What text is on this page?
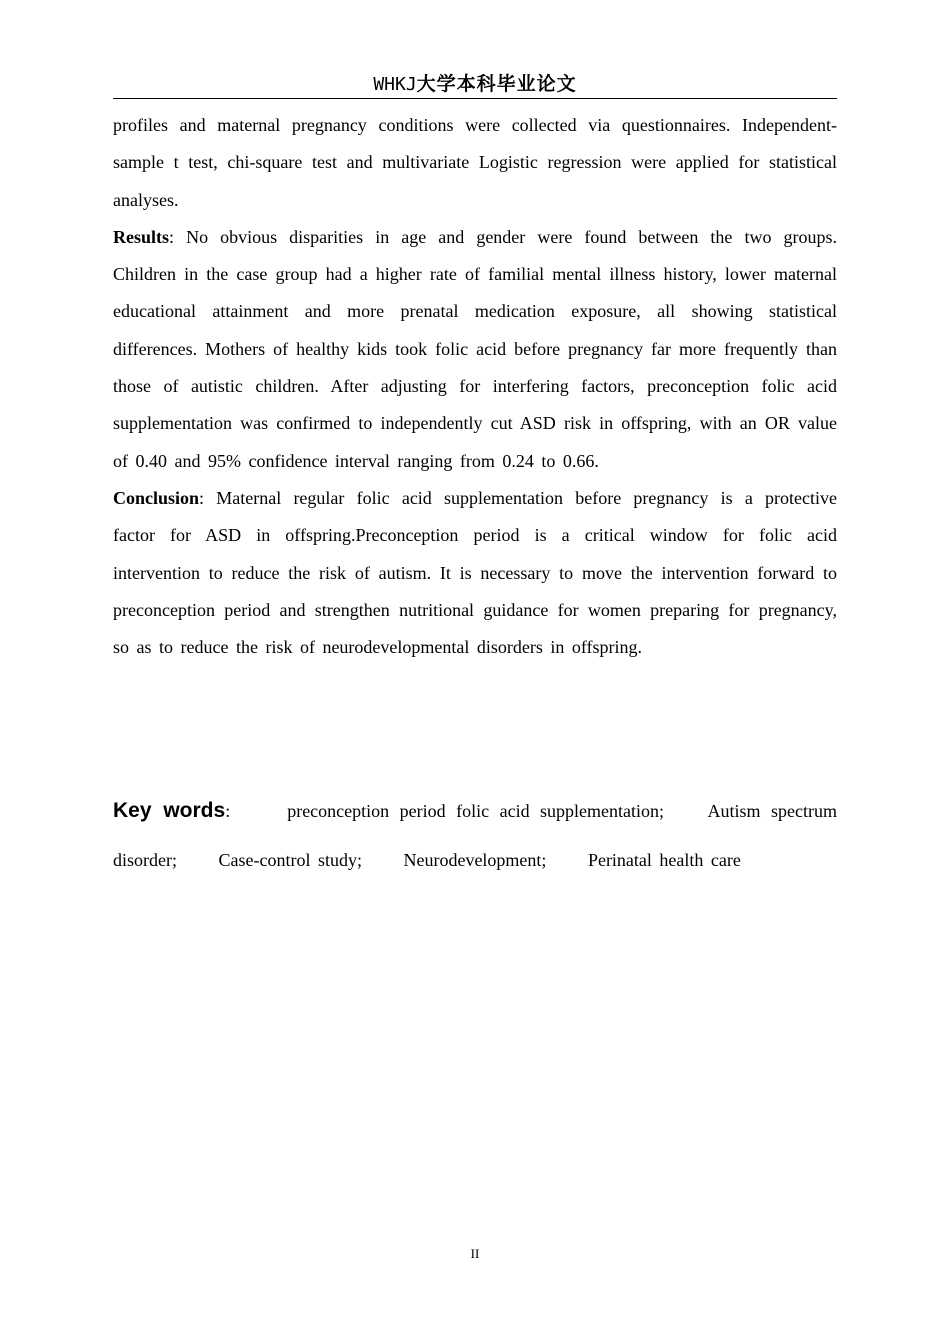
WHKJ大学本科毕业论文

profiles and maternal pregnancy conditions were collected via questionnaires. Independent-sample t test, chi-square test and multivariate Logistic regression were applied for statistical analyses.

Results: No obvious disparities in age and gender were found between the two groups. Children in the case group had a higher rate of familial mental illness history, lower maternal educational attainment and more prenatal medication exposure, all showing statistical differences. Mothers of healthy kids took folic acid before pregnancy far more frequently than those of autistic children. After adjusting for interfering factors, preconception folic acid supplementation was confirmed to independently cut ASD risk in offspring, with an OR value of 0.40 and 95% confidence interval ranging from 0.24 to 0.66.

Conclusion: Maternal regular folic acid supplementation before pregnancy is a protective factor for ASD in offspring.Preconception period is a critical window for folic acid intervention to reduce the risk of autism. It is necessary to move the intervention forward to preconception period and strengthen nutritional guidance for women preparing for pregnancy, so as to reduce the risk of neurodevelopmental disorders in offspring.

Key words:	preconception period folic acid supplementation; Autism spectrum disorder; Case-control study; Neurodevelopment; Perinatal health care
II
